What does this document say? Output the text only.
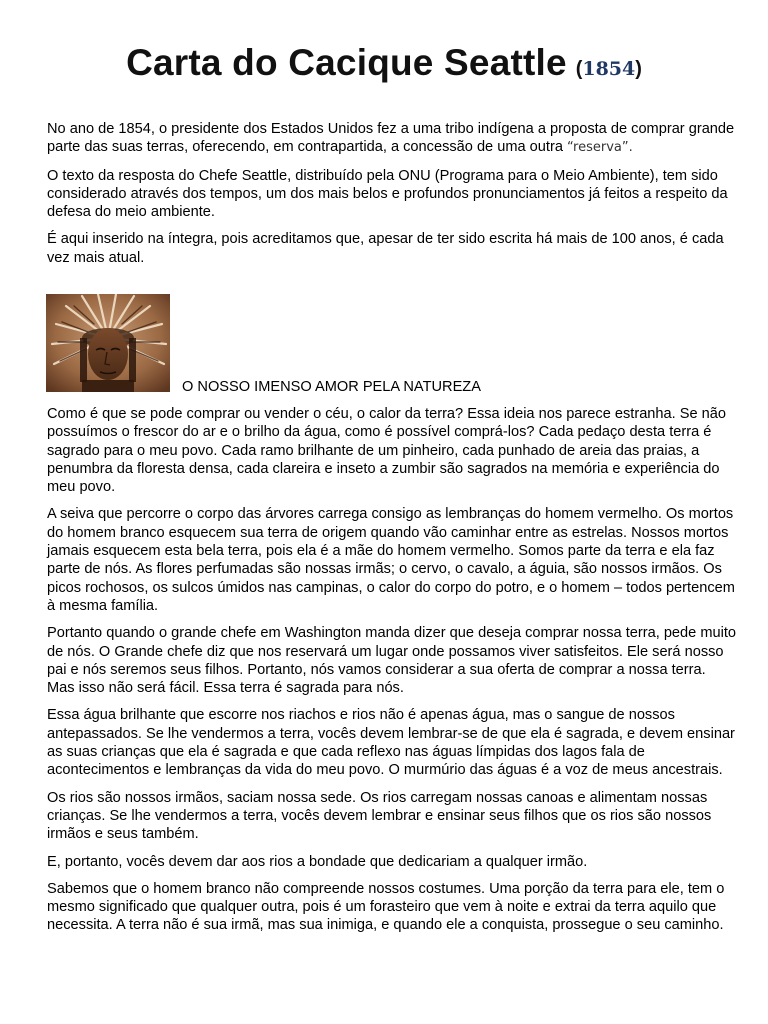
Carta do Cacique Seattle (1854)

No ano de 1854, o presidente dos Estados Unidos fez a uma tribo indígena a proposta de comprar grande parte das suas terras, oferecendo, em contrapartida, a concessão de uma outra “reserva”.

O texto da resposta do Chefe Seattle, distribuído pela ONU (Programa para o Meio Ambiente), tem sido considerado através dos tempos, um dos mais belos e profundos pronunciamentos já feitos a respeito da defesa do meio ambiente.

É aqui inserido na íntegra, pois acreditamos que, apesar de ter sido escrita há mais de 100 anos, é cada vez mais atual.

O NOSSO IMENSO AMOR PELA NATUREZA

Como é que se pode comprar ou vender o céu, o calor da terra? Essa ideia nos parece estranha. Se não possuímos o frescor do ar e o brilho da água, como é possível comprá-los? Cada pedaço desta terra é sagrado para o meu povo. Cada ramo brilhante de um pinheiro, cada punhado de areia das praias, a penumbra da floresta densa, cada clareira e inseto a zumbir são sagrados na memória e experiência do meu povo.

A seiva que percorre o corpo das árvores carrega consigo as lembranças do homem vermelho. Os mortos do homem branco esquecem sua terra de origem quando vão caminhar entre as estrelas. Nossos mortos jamais esquecem esta bela terra, pois ela é a mãe do homem vermelho. Somos parte da terra e ela faz parte de nós. As flores perfumadas são nossas irmãs; o cervo, o cavalo, a águia, são nossos irmãos. Os picos rochosos, os sulcos úmidos nas campinas, o calor do corpo do potro, e o homem – todos pertencem à mesma família.

Portanto quando o grande chefe em Washington manda dizer que deseja comprar nossa terra, pede muito de nós. O Grande chefe diz que nos reservará um lugar onde possamos viver satisfeitos. Ele será nosso pai e nós seremos seus filhos. Portanto, nós vamos considerar a sua oferta de comprar a nossa terra. Mas isso não será fácil. Essa terra é sagrada para nós.

Essa água brilhante que escorre nos riachos e rios não é apenas água, mas o sangue de nossos antepassados. Se lhe vendermos a terra, vocês devem lembrar-se de que ela é sagrada, e devem ensinar as suas crianças que ela é sagrada e que cada reflexo nas águas límpidas dos lagos fala de acontecimentos e lembranças da vida do meu povo. O murmúrio das águas é a voz de meus ancestrais.

Os rios são nossos irmãos, saciam nossa sede. Os rios carregam nossas canoas e alimentam nossas crianças. Se lhe vendermos a terra, vocês devem lembrar e ensinar seus filhos que os rios são nossos irmãos e seus também.

E, portanto, vocês devem dar aos rios a bondade que dedicariam a qualquer irmão.

Sabemos que o homem branco não compreende nossos costumes. Uma porção da terra para ele, tem o mesmo significado que qualquer outra, pois é um forasteiro que vem à noite e extrai da terra aquilo que necessita. A terra não é sua irmã, mas sua inimiga, e quando ele a conquista, prossegue o seu caminho.
